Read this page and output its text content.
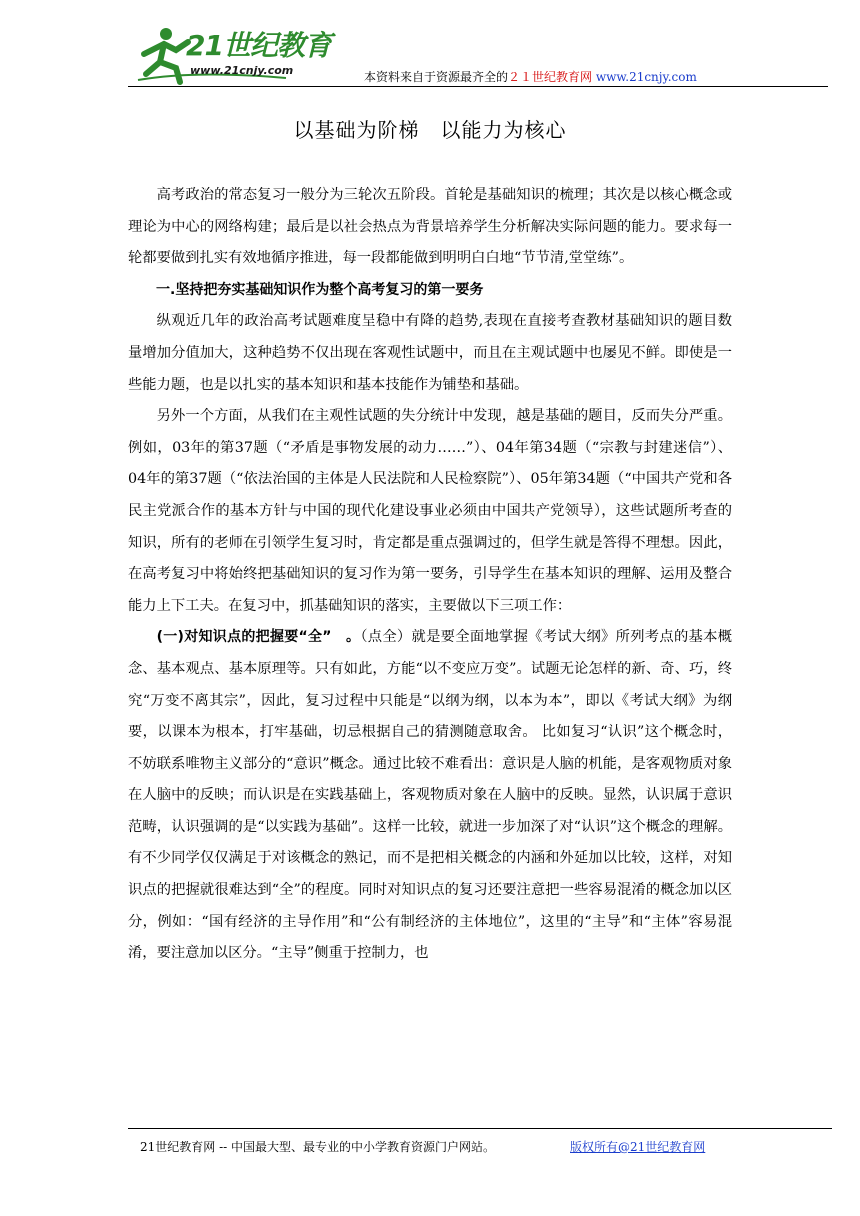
21世纪教育
www.21cnjy.com	本资料来自于资源最齐全的２１世纪教育网 www.21cnjy.com
以基础为阶梯　以能力为核心

高考政治的常态复习一般分为三轮次五阶段。首轮是基础知识的梳理；其次是以核心概念或理论为中心的网络构建；最后是以社会热点为背景培养学生分析解决实际问题的能力。要求每一轮都要做到扎实有效地循序推进，每一段都能做到明明白白地“节节清,堂堂练”。

一.坚持把夯实基础知识作为整个高考复习的第一要务

纵观近几年的政治高考试题难度呈稳中有降的趋势,表现在直接考查教材基础知识的题目数量增加分值加大，这种趋势不仅出现在客观性试题中，而且在主观试题中也屡见不鲜。即使是一些能力题，也是以扎实的基本知识和基本技能作为铺垫和基础。

另外一个方面，从我们在主观性试题的失分统计中发现，越是基础的题目，反而失分严重。例如，03年的第37题（“矛盾是事物发展的动力……”）、04年第34题（“宗教与封建迷信”）、04年的第37题（“依法治国的主体是人民法院和人民检察院”）、05年第34题（“中国共产党和各民主党派合作的基本方针与中国的现代化建设事业必须由中国共产党领导），这些试题所考查的知识，所有的老师在引领学生复习时，肯定都是重点强调过的，但学生就是答得不理想。因此，在高考复习中将始终把基础知识的复习作为第一要务，引导学生在基本知识的理解、运用及整合能力上下工夫。在复习中，抓基础知识的落实，主要做以下三项工作：

(一)对知识点的把握要“全”　。（点全）就是要全面地掌握《考试大纲》所列考点的基本概念、基本观点、基本原理等。只有如此，方能“以不变应万变”。试题无论怎样的新、奇、巧，终究“万变不离其宗”，因此，复习过程中只能是“以纲为纲，以本为本”，即以《考试大纲》为纲要，以课本为根本，打牢基础，切忌根据自己的猜测随意取舍。 比如复习“认识”这个概念时，不妨联系唯物主义部分的“意识”概念。通过比较不难看出：意识是人脑的机能，是客观物质对象在人脑中的反映；而认识是在实践基础上，客观物质对象在人脑中的反映。显然，认识属于意识范畴，认识强调的是“以实践为基础”。这样一比较，就进一步加深了对“认识”这个概念的理解。有不少同学仅仅满足于对该概念的熟记，而不是把相关概念的内涵和外延加以比较，这样，对知识点的把握就很难达到“全”的程度。同时对知识点的复习还要注意把一些容易混淆的概念加以区分，例如：“国有经济的主导作用”和“公有制经济的主体地位”，这里的“主导”和“主体”容易混淆，要注意加以区分。“主导”侧重于控制力，也

21世纪教育网 -- 中国最大型、最专业的中小学教育资源门户网站。	版权所有@21世纪教育网
